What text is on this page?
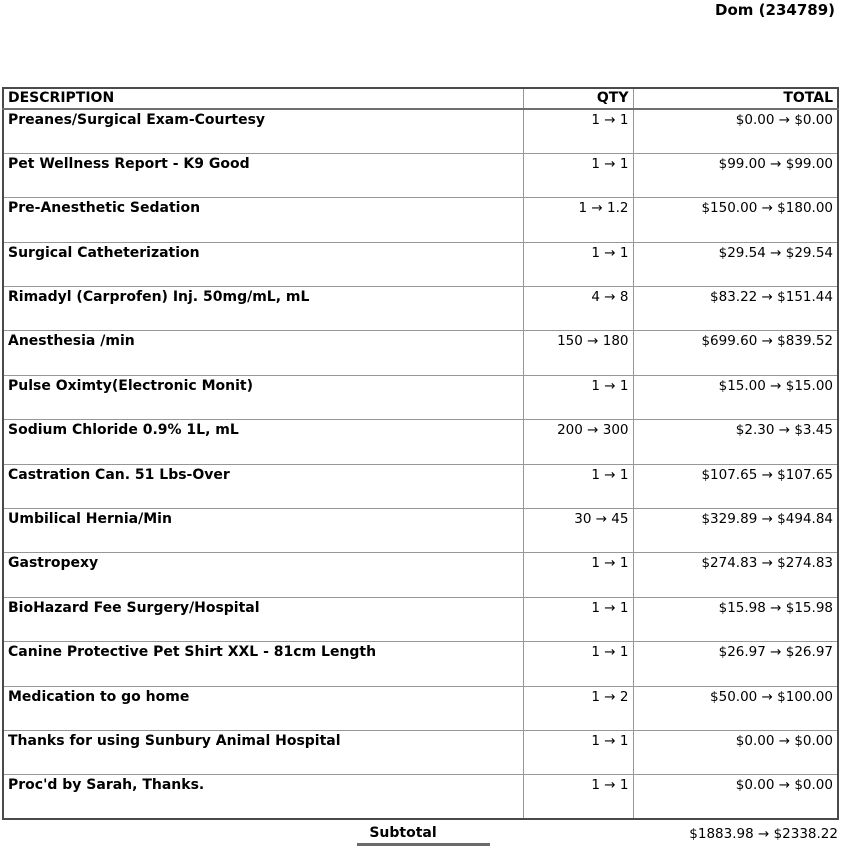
Dom (234789)
DESCRIPTION	QTY	TOTAL
Preanes/Surgical Exam-Courtesy	1 → 1	$0.00 → $0.00
Pet Wellness Report - K9 Good	1 → 1	$99.00 → $99.00
Pre-Anesthetic Sedation	1 → 1.2	$150.00 → $180.00
Surgical Catheterization	1 → 1	$29.54 → $29.54
Rimadyl (Carprofen) Inj. 50mg/mL, mL	4 → 8	$83.22 → $151.44
Anesthesia /min	150 → 180	$699.60 → $839.52
Pulse Oximty(Electronic Monit)	1 → 1	$15.00 → $15.00
Sodium Chloride 0.9% 1L, mL	200 → 300	$2.30 → $3.45
Castration Can. 51 Lbs-Over	1 → 1	$107.65 → $107.65
Umbilical Hernia/Min	30 → 45	$329.89 → $494.84
Gastropexy	1 → 1	$274.83 → $274.83
BioHazard Fee Surgery/Hospital	1 → 1	$15.98 → $15.98
Canine Protective Pet Shirt XXL - 81cm Length	1 → 1	$26.97 → $26.97
Medication to go home	1 → 2	$50.00 → $100.00
Thanks for using Sunbury Animal Hospital	1 → 1	$0.00 → $0.00
Proc'd by Sarah, Thanks.	1 → 1	$0.00 → $0.00
Subtotal	$1883.98 → $2338.22
